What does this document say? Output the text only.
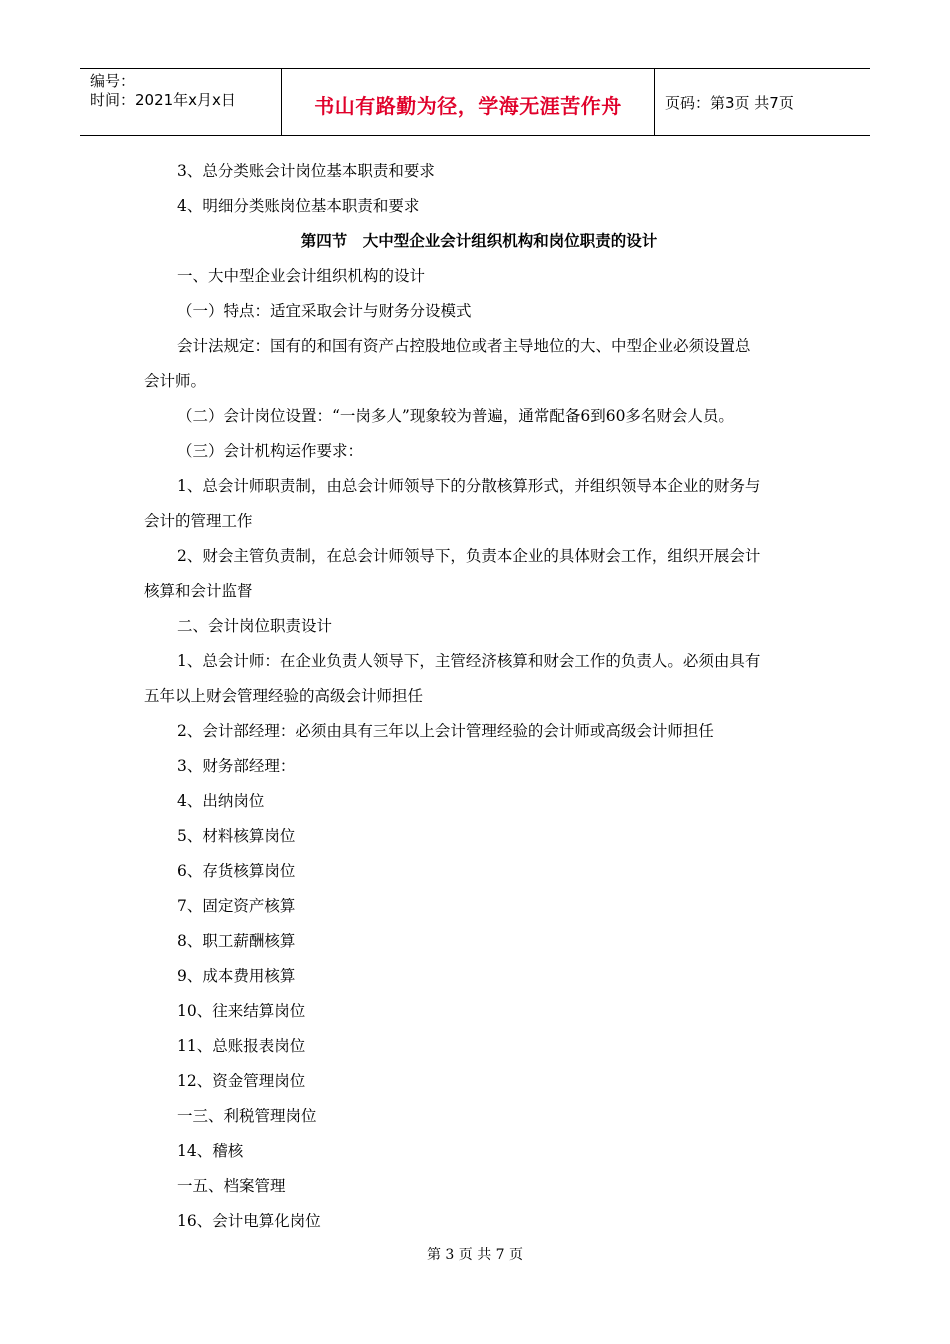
编号：
时间：2021年x月x日	书山有路勤为径，学海无涯苦作舟	页码：第3页 共7页
3、总分类账会计岗位基本职责和要求
4、明细分类账岗位基本职责和要求
第四节　大中型企业会计组织机构和岗位职责的设计
一、大中型企业会计组织机构的设计
（一）特点：适宜采取会计与财务分设模式
会计法规定：国有的和国有资产占控股地位或者主导地位的大、中型企业必须设置总
会计师。
（二）会计岗位设置：“一岗多人”现象较为普遍，通常配备6到60多名财会人员。
（三）会计机构运作要求：
1、总会计师职责制，由总会计师领导下的分散核算形式，并组织领导本企业的财务与
会计的管理工作
2、财会主管负责制，在总会计师领导下，负责本企业的具体财会工作，组织开展会计
核算和会计监督
二、会计岗位职责设计
1、总会计师：在企业负责人领导下，主管经济核算和财会工作的负责人。必须由具有
五年以上财会管理经验的高级会计师担任
2、会计部经理：必须由具有三年以上会计管理经验的会计师或高级会计师担任
3、财务部经理：
4、出纳岗位
5、材料核算岗位
6、存货核算岗位
7、固定资产核算
8、职工薪酬核算
9、成本费用核算
10、往来结算岗位
11、总账报表岗位
12、资金管理岗位
一三、利税管理岗位
14、稽核
一五、档案管理
16、会计电算化岗位
第 3 页 共 7 页
